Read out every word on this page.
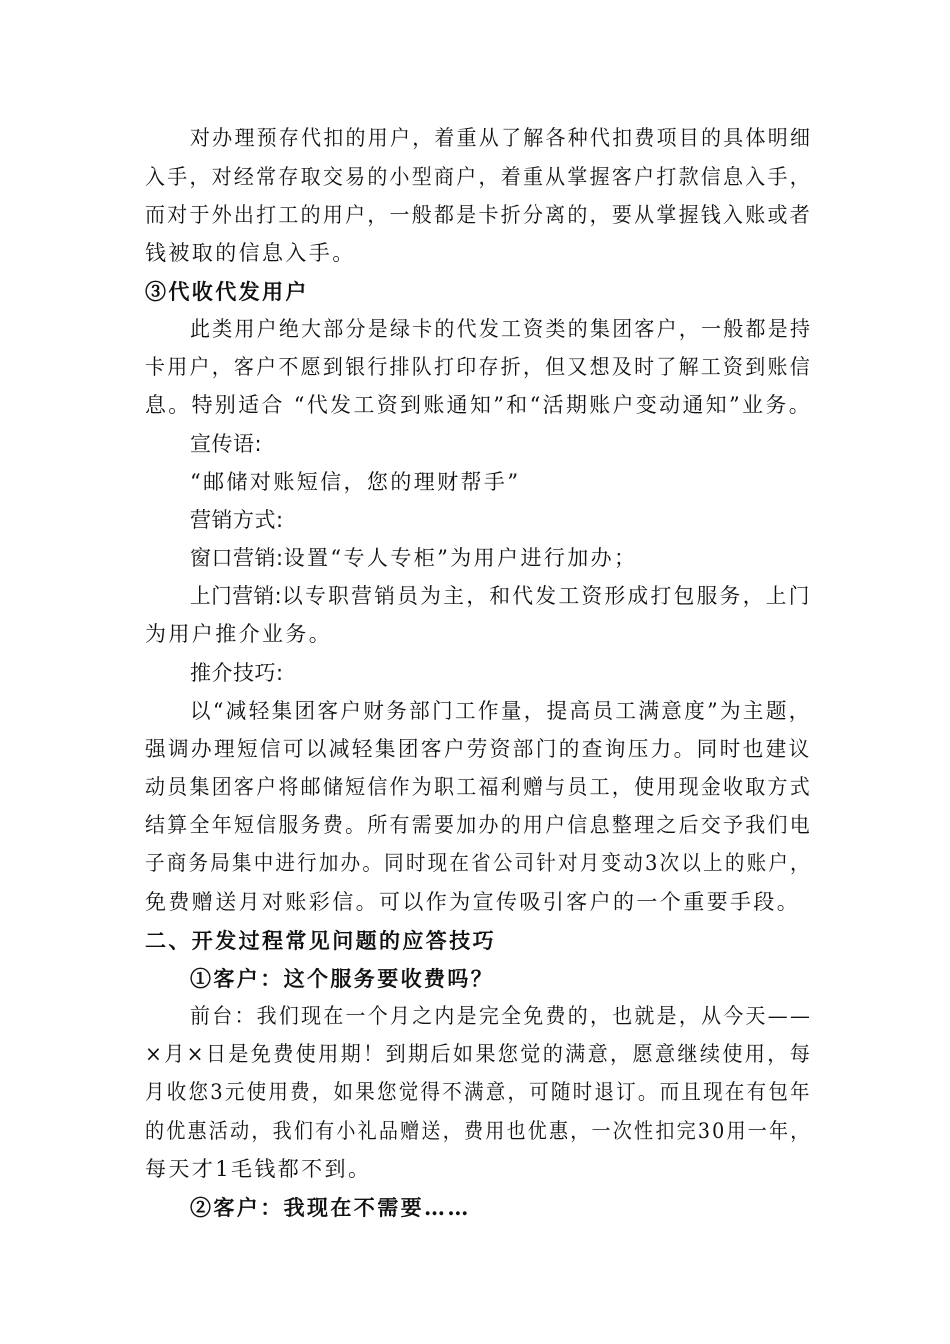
对办理预存代扣的用户，着重从了解各种代扣费项目的具体明细

入手，对经常存取交易的小型商户，着重从掌握客户打款信息入手，

而对于外出打工的用户，一般都是卡折分离的，要从掌握钱入账或者

钱被取的信息入手。

③代收代发用户

此类用户绝大部分是绿卡的代发工资类的集团客户，一般都是持

卡用户，客户不愿到银行排队打印存折，但又想及时了解工资到账信

息。特别适合 “代发工资到账通知”和“活期账户变动通知”业务。

宣传语:

“邮储对账短信，您的理财帮手”

营销方式:

窗口营销:设置“专人专柜”为用户进行加办；

上门营销:以专职营销员为主，和代发工资形成打包服务，上门

为用户推介业务。

推介技巧:

以“减轻集团客户财务部门工作量，提高员工满意度”为主题，

强调办理短信可以减轻集团客户劳资部门的查询压力。同时也建议

动员集团客户将邮储短信作为职工福利赠与员工，使用现金收取方式

结算全年短信服务费。所有需要加办的用户信息整理之后交予我们电

子商务局集中进行加办。同时现在省公司针对月变动3次以上的账户，

免费赠送月对账彩信。可以作为宣传吸引客户的一个重要手段。

二、开发过程常见问题的应答技巧

①客户：这个服务要收费吗？

前台：我们现在一个月之内是完全免费的，也就是，从今天——

×月×日是免费使用期！到期后如果您觉的满意，愿意继续使用，每

月收您3元使用费，如果您觉得不满意，可随时退订。而且现在有包年

的优惠活动，我们有小礼品赠送，费用也优惠，一次性扣完30用一年，

每天才1毛钱都不到。

②客户：我现在不需要……
